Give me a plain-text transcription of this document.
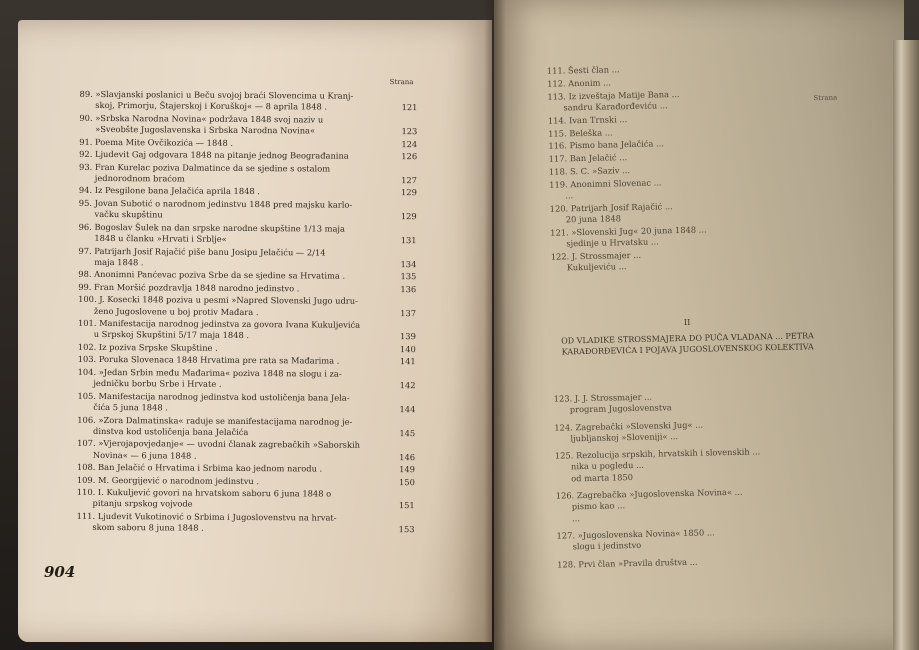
Strana
89. »Slavjanski poslanici u Beču svojoj braći Slovencima u Kranj-
skoj, Primorju, Štajerskoj i Koruškoj« — 8 aprila 1848 .	121
90. »Srbska Narodna Novina« podržava 1848 svoj naziv u
»Sveobšte Jugoslavenska i Srbska Narodna Novina«	123
91. Poema Mite Ovčikozića — 1848 .	124
92. Ljudevit Gaj odgovara 1848 na pitanje jednog Beograđanina	126
93. Fran Kurelac poziva Dalmatince da se sjedine s ostalom
jednorodnom braćom	127
94. Iz Pesgilone bana Jelačića aprila 1848 .	129
95. Jovan Subotić o narodnom jedinstvu 1848 pred majsku karlo-
vačku skupštinu	129
96. Bogoslav Šulek na dan srpske narodne skupštine 1/13 maja
1848 u članku »Hrvati i Srblje«	131
97. Patrijarh Josif Rajačić piše banu Josipu Jelačiću — 2/14
maja 1848 .	134
98. Anonimni Panćevac poziva Srbe da se sjedine sa Hrvatima .	135
99. Fran Moršić pozdravlja 1848 narodno jedinstvo .	136
100. J. Kosecki 1848 poziva u pesmi »Napred Slovenski Jugo udru-
ženo Jugoslovene u boj protiv Mađara .	137
101. Manifestacija narodnog jedinstva za govora Ivana Kukuljevića
u Srpskoj Skupštini 5/17 maja 1848 .	139
102. Iz poziva Srpske Skupštine .	140
103. Poruka Slovenaca 1848 Hrvatima pre rata sa Mađarima .	141
104. »Jedan Srbin među Mađarima« poziva 1848 na slogu i za-
jedničku borbu Srbe i Hrvate .	142
105. Manifestacija narodnog jedinstva kod ustoličenja bana Jela-
čića 5 juna 1848 .	144
106. »Zora Dalmatinska« raduje se manifestacijama narodnog je-
dinstva kod ustoličenja bana Jelačića	145
107. »Vjerojapovjedanje« — uvodni članak zagrebačkih »Saborskih
Novina« — 6 juna 1848 .	146
108. Ban Jelačić o Hrvatima i Srbima kao jednom narodu .	149
109. M. Georgijević o narodnom jedinstvu .	150
110. I. Kukuljević govori na hrvatskom saboru 6 juna 1848 o
pitanju srpskog vojvode	151
111. Ljudevit Vukotinović o Srbima i Jugoslovenstvu na hrvat-
skom saboru 8 juna 1848 .	153
904
Strana
II
OD VLADIKE STROSSMAJERA DO PUČA VLADANA ... PETRA KARAĐORĐEVIĆA I POJAVA JUGOSLOVENSKOG KOLEKTIVA
111. Šesti član ...
112. Anonim ...
113. Iz izveštaja Matije Bana ...
sandru Karađorđeviću ...
114. Ivan Trnski ...
115. Beleška ...
116. Pismo bana Jelačića ...
117. Ban Jelačić ...
118. S. C. »Saziv ...
119. Anonimni Slovenac ...
...
120. Patrijarh Josif Rajačić ...
20 juna 1848
121. »Slovenski Jug« 20 juna 1848 ...
sjedinje u Hrvatsku ...
122. J. Strossmajer ...
Kukuljeviću ...
123. J. J. Strossmajer ...
program Jugoslovenstva
124. Zagrebački »Slovenski Jug« ...
ljubljanskoj »Sloveniji« ...
125. Rezolucija srpskih, hrvatskih i slovenskih ...
nika u pogledu ...
od marta 1850
126. Zagrebačka »Jugoslovenska Novina« ...
pismo kao ...
...
127. »Jugoslovenska Novina« 1850 ...
slogu i jedinstvo
128. Prvi član »Pravila društva ...
